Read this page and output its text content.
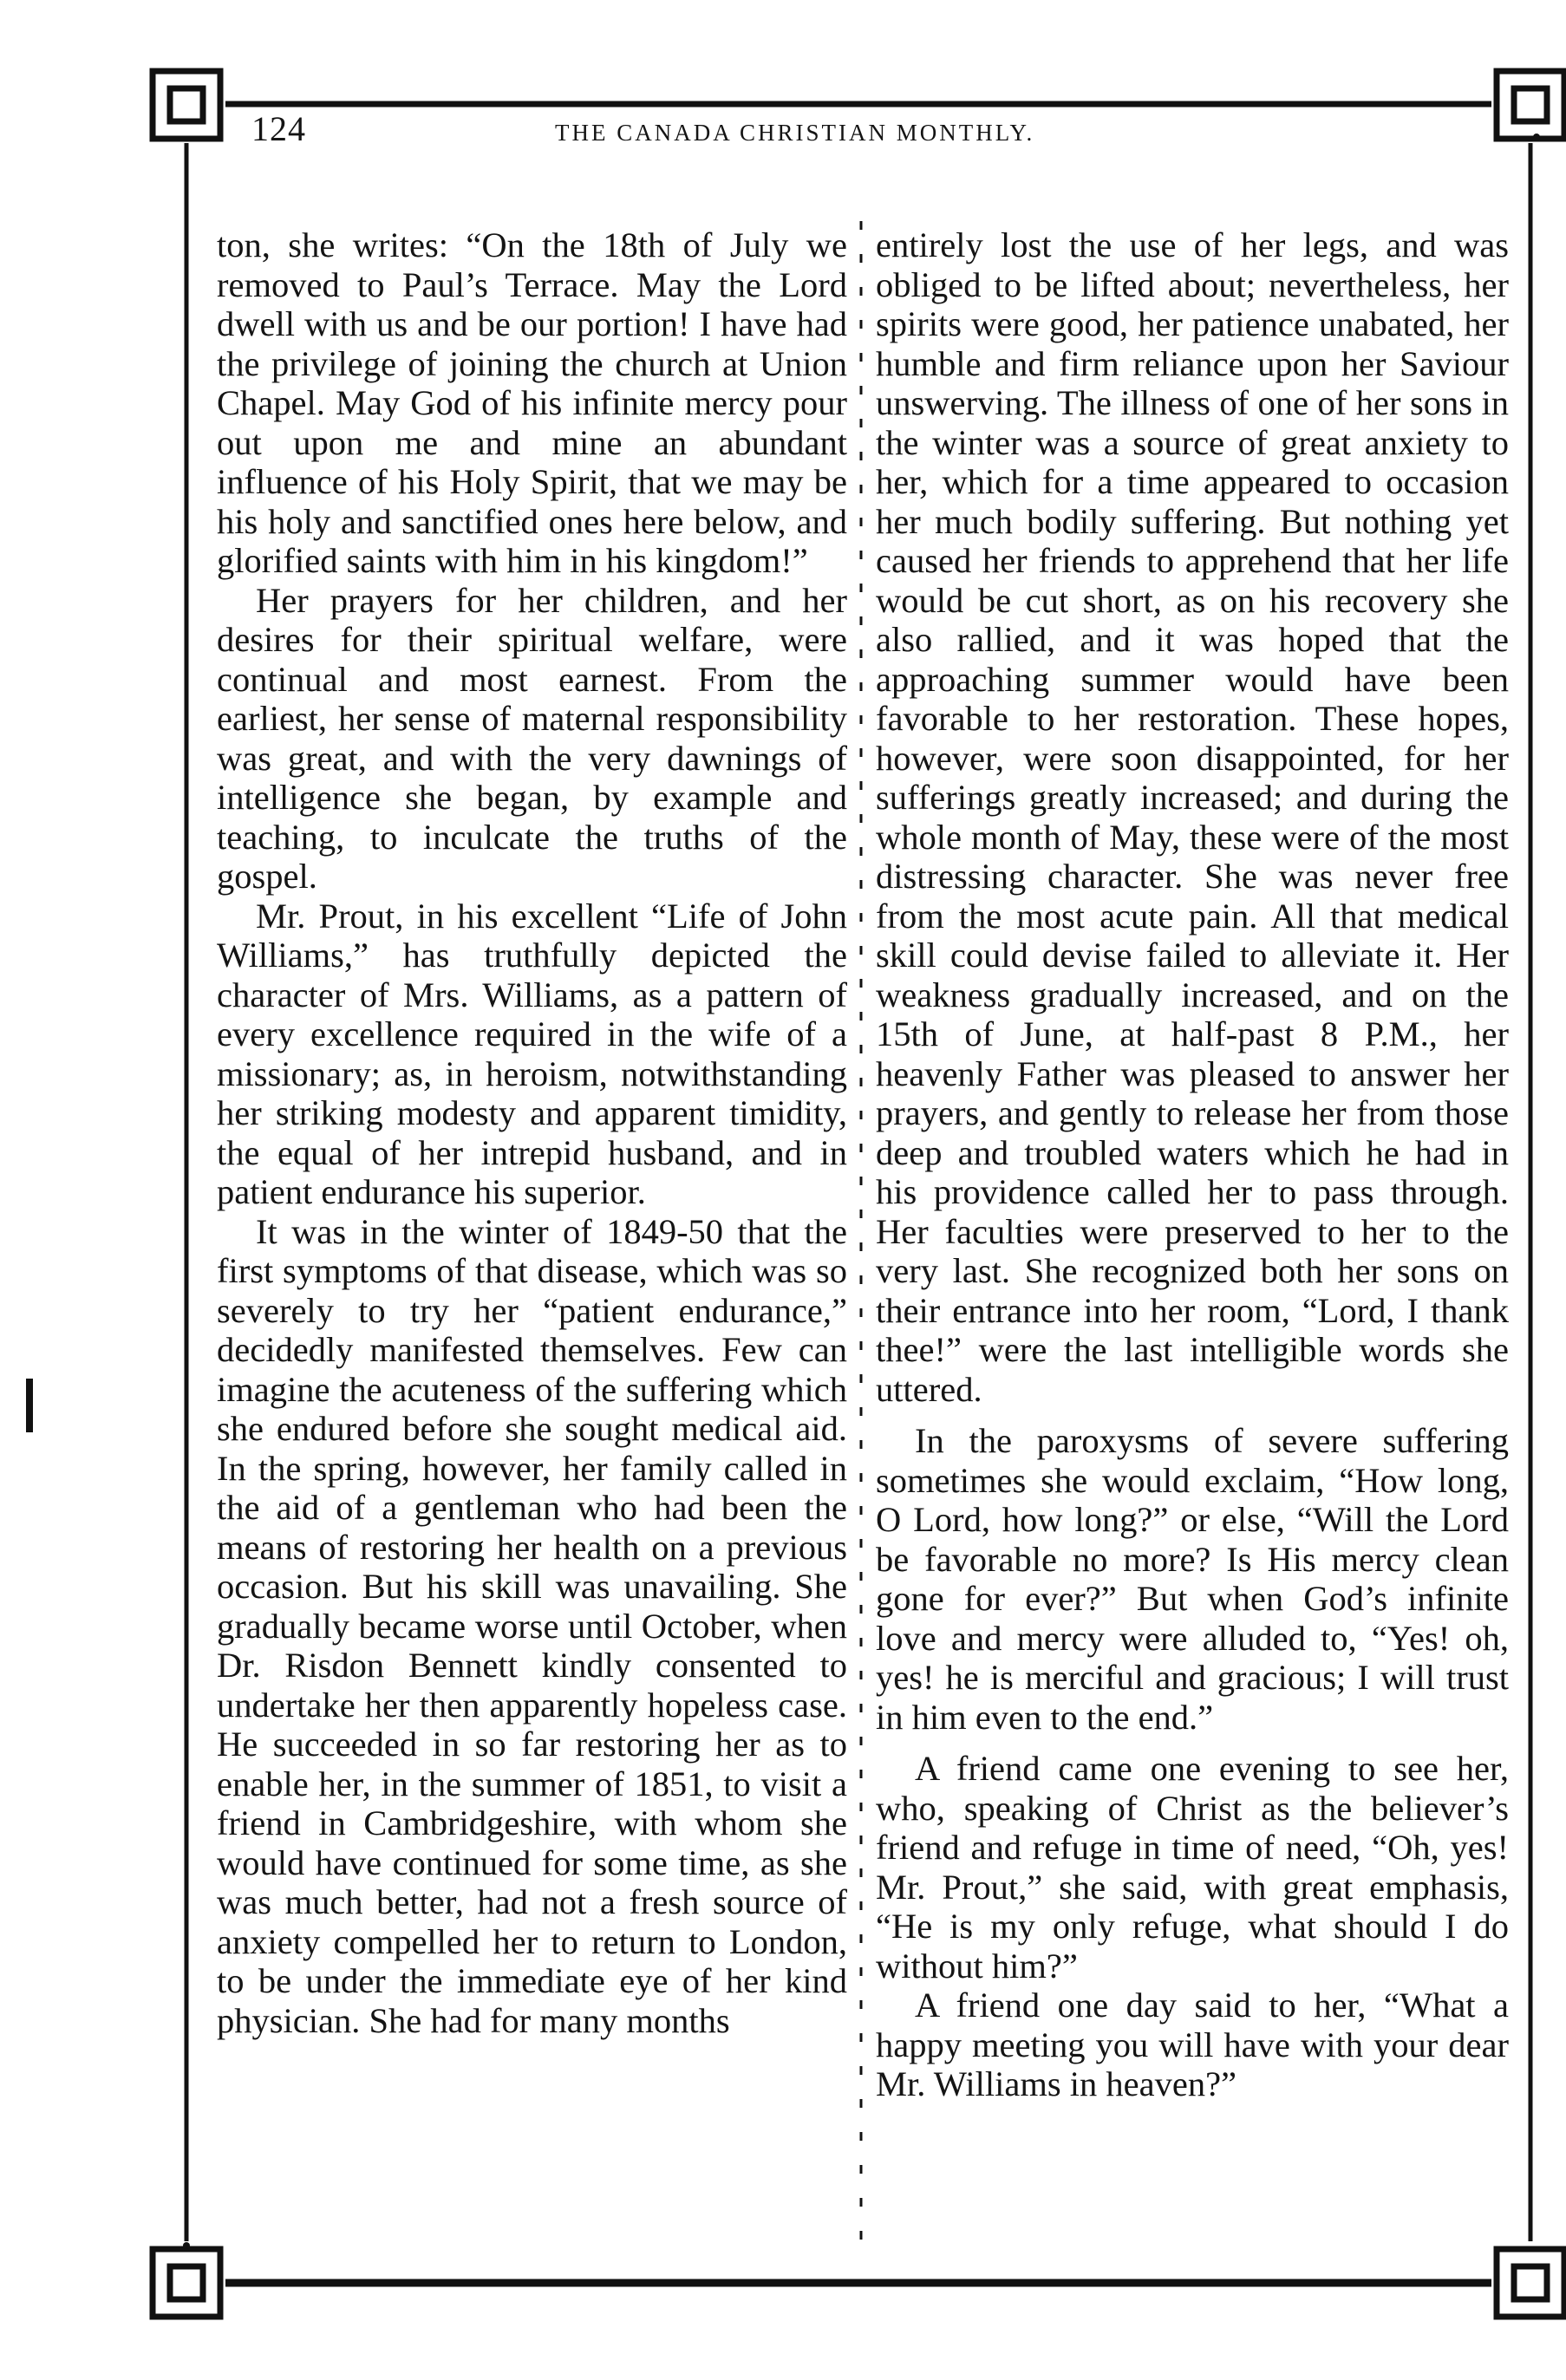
124	THE CANADA CHRISTIAN MONTHLY.

ton, she writes: “On the 18th of July we removed to Paul’s Terrace. May the Lord dwell with us and be our portion! I have had the privilege of joining the church at Union Chapel. May God of his infinite mercy pour out upon me and mine an abundant influence of his Holy Spirit, that we may be his holy and sanctified ones here below, and glorified saints with him in his kingdom!”

Her prayers for her children, and her desires for their spiritual welfare, were continual and most earnest. From the earliest, her sense of maternal responsibility was great, and with the very dawnings of intelligence she began, by example and teaching, to inculcate the truths of the gospel.

Mr. Prout, in his excellent “Life of John Williams,” has truthfully depicted the character of Mrs. Williams, as a pattern of every excellence required in the wife of a missionary; as, in heroism, notwithstanding her striking modesty and apparent timidity, the equal of her intrepid husband, and in patient endurance his superior.

It was in the winter of 1849-50 that the first symptoms of that disease, which was so severely to try her “patient endurance,” decidedly manifested themselves. Few can imagine the acuteness of the suffering which she endured before she sought medical aid. In the spring, however, her family called in the aid of a gentleman who had been the means of restoring her health on a previous occasion. But his skill was unavailing. She gradually became worse until October, when Dr. Risdon Bennett kindly consented to undertake her then apparently hopeless case. He succeeded in so far restoring her as to enable her, in the summer of 1851, to visit a friend in Cambridgeshire, with whom she would have continued for some time, as she was much better, had not a fresh source of anxiety compelled her to return to London, to be under the immediate eye of her kind physician. She had for many months

entirely lost the use of her legs, and was obliged to be lifted about; nevertheless, her spirits were good, her patience unabated, her humble and firm reliance upon her Saviour unswerving. The illness of one of her sons in the winter was a source of great anxiety to her, which for a time appeared to occasion her much bodily suffering. But nothing yet caused her friends to apprehend that her life would be cut short, as on his recovery she also rallied, and it was hoped that the approaching summer would have been favorable to her restoration. These hopes, however, were soon disappointed, for her sufferings greatly increased; and during the whole month of May, these were of the most distressing character. She was never free from the most acute pain. All that medical skill could devise failed to alleviate it. Her weakness gradually increased, and on the 15th of June, at half-past 8 P.M., her heavenly Father was pleased to answer her prayers, and gently to release her from those deep and troubled waters which he had in his providence called her to pass through. Her faculties were preserved to her to the very last. She recognized both her sons on their entrance into her room, “Lord, I thank thee!” were the last intelligible words she uttered.

In the paroxysms of severe suffering sometimes she would exclaim, “How long, O Lord, how long?” or else, “Will the Lord be favorable no more? Is His mercy clean gone for ever?” But when God’s infinite love and mercy were alluded to, “Yes! oh, yes! he is merciful and gracious; I will trust in him even to the end.”

A friend came one evening to see her, who, speaking of Christ as the believer’s friend and refuge in time of need, “Oh, yes! Mr. Prout,” she said, with great emphasis, “He is my only refuge, what should I do without him?”

A friend one day said to her, “What a happy meeting you will have with your dear Mr. Williams in heaven?”
